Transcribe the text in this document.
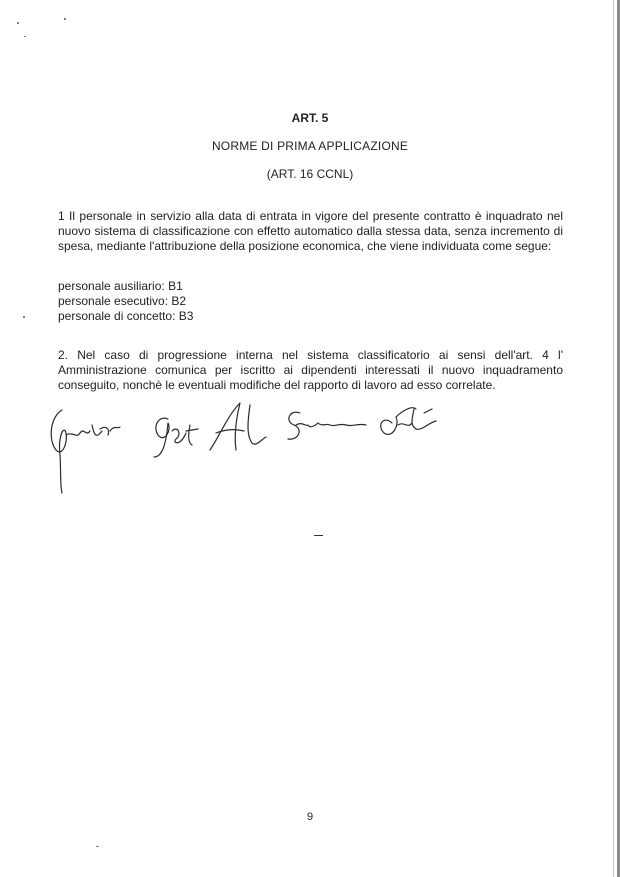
ART. 5
NORME DI PRIMA APPLICAZIONE
(ART. 16 CCNL)
1 Il personale in servizio alla data di entrata in vigore del presente contratto è inquadrato nel nuovo sistema di classificazione con effetto automatico dalla stessa data, senza incremento di spesa, mediante l'attribuzione della posizione economica, che viene individuata come segue:
personale ausiliario: B1
personale esecutivo: B2
personale di concetto: B3
2. Nel caso di progressione interna nel sistema classificatorio ai sensi dell'art. 4 l' Amministrazione comunica per iscritto ai dipendenti interessati il nuovo inquadramento conseguito, nonchè le eventuali modifiche del rapporto di lavoro ad esso correlate.
9
